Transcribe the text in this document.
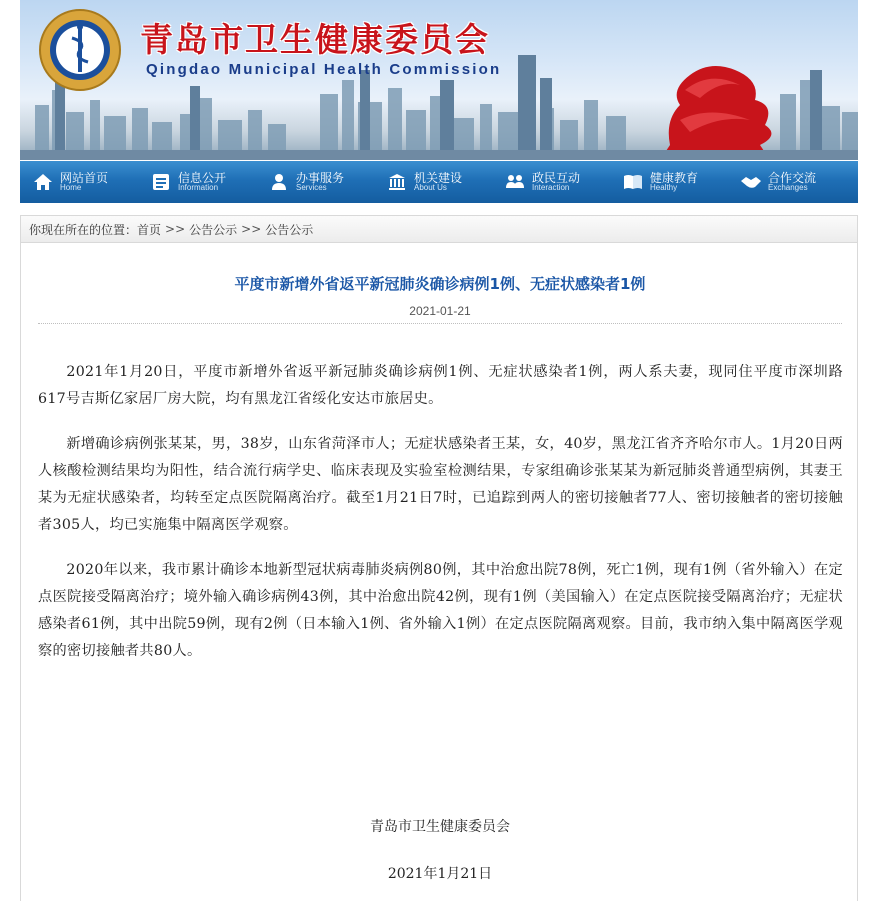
青岛市卫生健康委员会
Qingdao Municipal Health Commission
网站首页
Home
信息公开
Information
办事服务
Services
机关建设
About Us
政民互动
Interaction
健康教育
Healthy
合作交流
Exchanges
你现在所在的位置： 首页 >> 公告公示 >> 公告公示
平度市新增外省返平新冠肺炎确诊病例1例、无症状感染者1例
2021-01-21

2021年1月20日，平度市新增外省返平新冠肺炎确诊病例1例、无症状感染者1例，两人系夫妻，现同住平度市深圳路617号吉斯亿家居厂房大院，均有黑龙江省绥化安达市旅居史。

新增确诊病例张某某，男，38岁，山东省菏泽市人；无症状感染者王某，女，40岁，黑龙江省齐齐哈尔市人。1月20日两人核酸检测结果均为阳性，结合流行病学史、临床表现及实验室检测结果，专家组确诊张某某为新冠肺炎普通型病例，其妻王某为无症状感染者，均转至定点医院隔离治疗。截至1月21日7时，已追踪到两人的密切接触者77人、密切接触者的密切接触者305人，均已实施集中隔离医学观察。

2020年以来，我市累计确诊本地新型冠状病毒肺炎病例80例，其中治愈出院78例，死亡1例，现有1例（省外输入）在定点医院接受隔离治疗；境外输入确诊病例43例，其中治愈出院42例，现有1例（美国输入）在定点医院接受隔离治疗；无症状感染者61例，其中出院59例，现有2例（日本输入1例、省外输入1例）在定点医院隔离观察。目前，我市纳入集中隔离医学观察的密切接触者共80人。

青岛市卫生健康委员会
2021年1月21日
